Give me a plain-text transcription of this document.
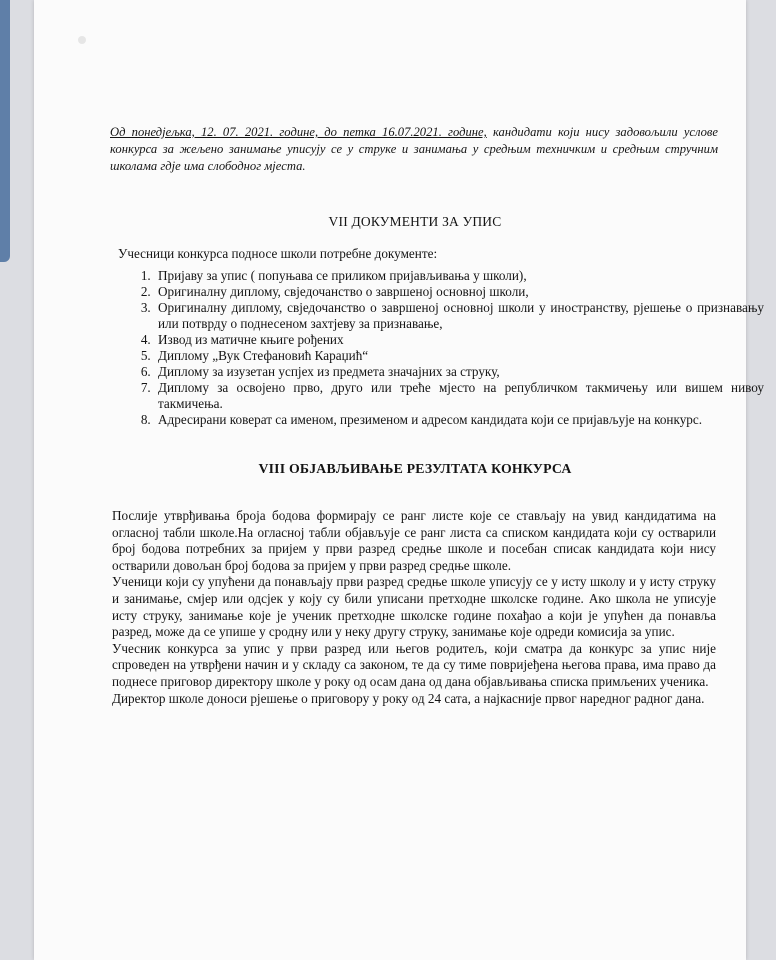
Од понедјељка, 12. 07. 2021. године, до петка 16.07.2021. године, кандидати који нису задовољили услове конкурса за жељено занимање уписују се у струке и занимања у средњим техничким и средњим стручним школама гдје има слободног мјеста.
VII ДОКУМЕНТИ ЗА УПИС
Учесници конкурса подносе школи потребне документе:
1. Пријаву за упис ( попуњава се приликом пријављивања у школи),
2. Оригиналну диплому, свједочанство о завршеној основној школи,
3. Оригиналну диплому, свједочанство о завршеној основној школи у иностранству, рјешење о признавању или потврду о поднесеном захтјеву за признавање,
4. Извод из матичне књиге рођених
5. Диплому „Вук Стефановић Караџић“
6. Диплому за изузетан успјех из предмета значајних за струку,
7. Диплому за освојено прво, друго или треће мјесто на републичком такмичењу или вишем нивоу такмичења.
8. Адресирани коверат са именом, презименом и адресом кандидата који се пријављује на конкурс.
VIII ОБЈАВЉИВАЊЕ РЕЗУЛТАТА КОНКУРСА

Послије утврђивања броја бодова формирају се ранг листе које се стављају на увид кандидатима на огласној табли школе.На огласној табли објављује се ранг листа са списком кандидата који су остварили број бодова потребних за пријем у први разред средње школе и посебан списак кандидата који нису остварили довољан број бодова за пријем у први разред средње школе.

Ученици који су упућени да понављају први разред средње школе уписују се у исту школу и у исту струку и занимање, смјер или одсјек у коју су били уписани претходне школске године. Ако школа не уписује исту струку, занимање које је ученик претходне школске године похађао а који је упућен да понавља разред, може да се упише у сродну или у неку другу струку, занимање које одреди комисија за упис.

Учесник конкурса за упис у први разред или његов родитељ, који сматра да конкурс за упис није спроведен на утврђени начин и у складу са законом, те да су тиме повријеђена његова права, има право да поднесе приговор директору школе у року од осам дана од дана објављивања списка примљених ученика.

Директор школе доноси рјешење о приговору у року од 24 сата, а најкасније првог наредног радног дана.
